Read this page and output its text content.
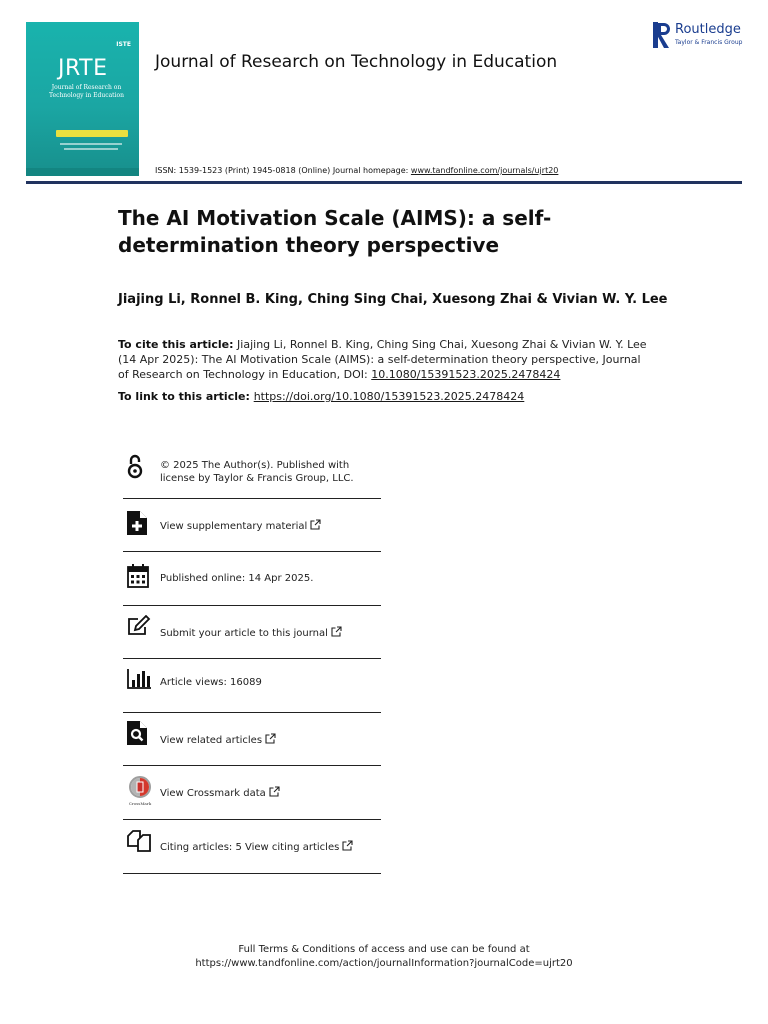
ISTE
JRTE
Journal of Research on Technology in Education
Journal of Research on Technology in Education
Routledge
Taylor & Francis Group
ISSN: 1539-1523 (Print) 1945-0818 (Online) Journal homepage: www.tandfonline.com/journals/ujrt20
The AI Motivation Scale (AIMS): a self-determination theory perspective
Jiajing Li, Ronnel B. King, Ching Sing Chai, Xuesong Zhai & Vivian W. Y. Lee
To cite this article: Jiajing Li, Ronnel B. King, Ching Sing Chai, Xuesong Zhai & Vivian W. Y. Lee (14 Apr 2025): The AI Motivation Scale (AIMS): a self-determination theory perspective, Journal of Research on Technology in Education, DOI: 10.1080/15391523.2025.2478424
To link to this article: https://doi.org/10.1080/15391523.2025.2478424
© 2025 The Author(s). Published with license by Taylor & Francis Group, LLC.
View supplementary material
Published online: 14 Apr 2025.
Submit your article to this journal
Article views: 16089
View related articles
CrossMark
View Crossmark data
Citing articles: 5 View citing articles
Full Terms & Conditions of access and use can be found at
https://www.tandfonline.com/action/journalInformation?journalCode=ujrt20
